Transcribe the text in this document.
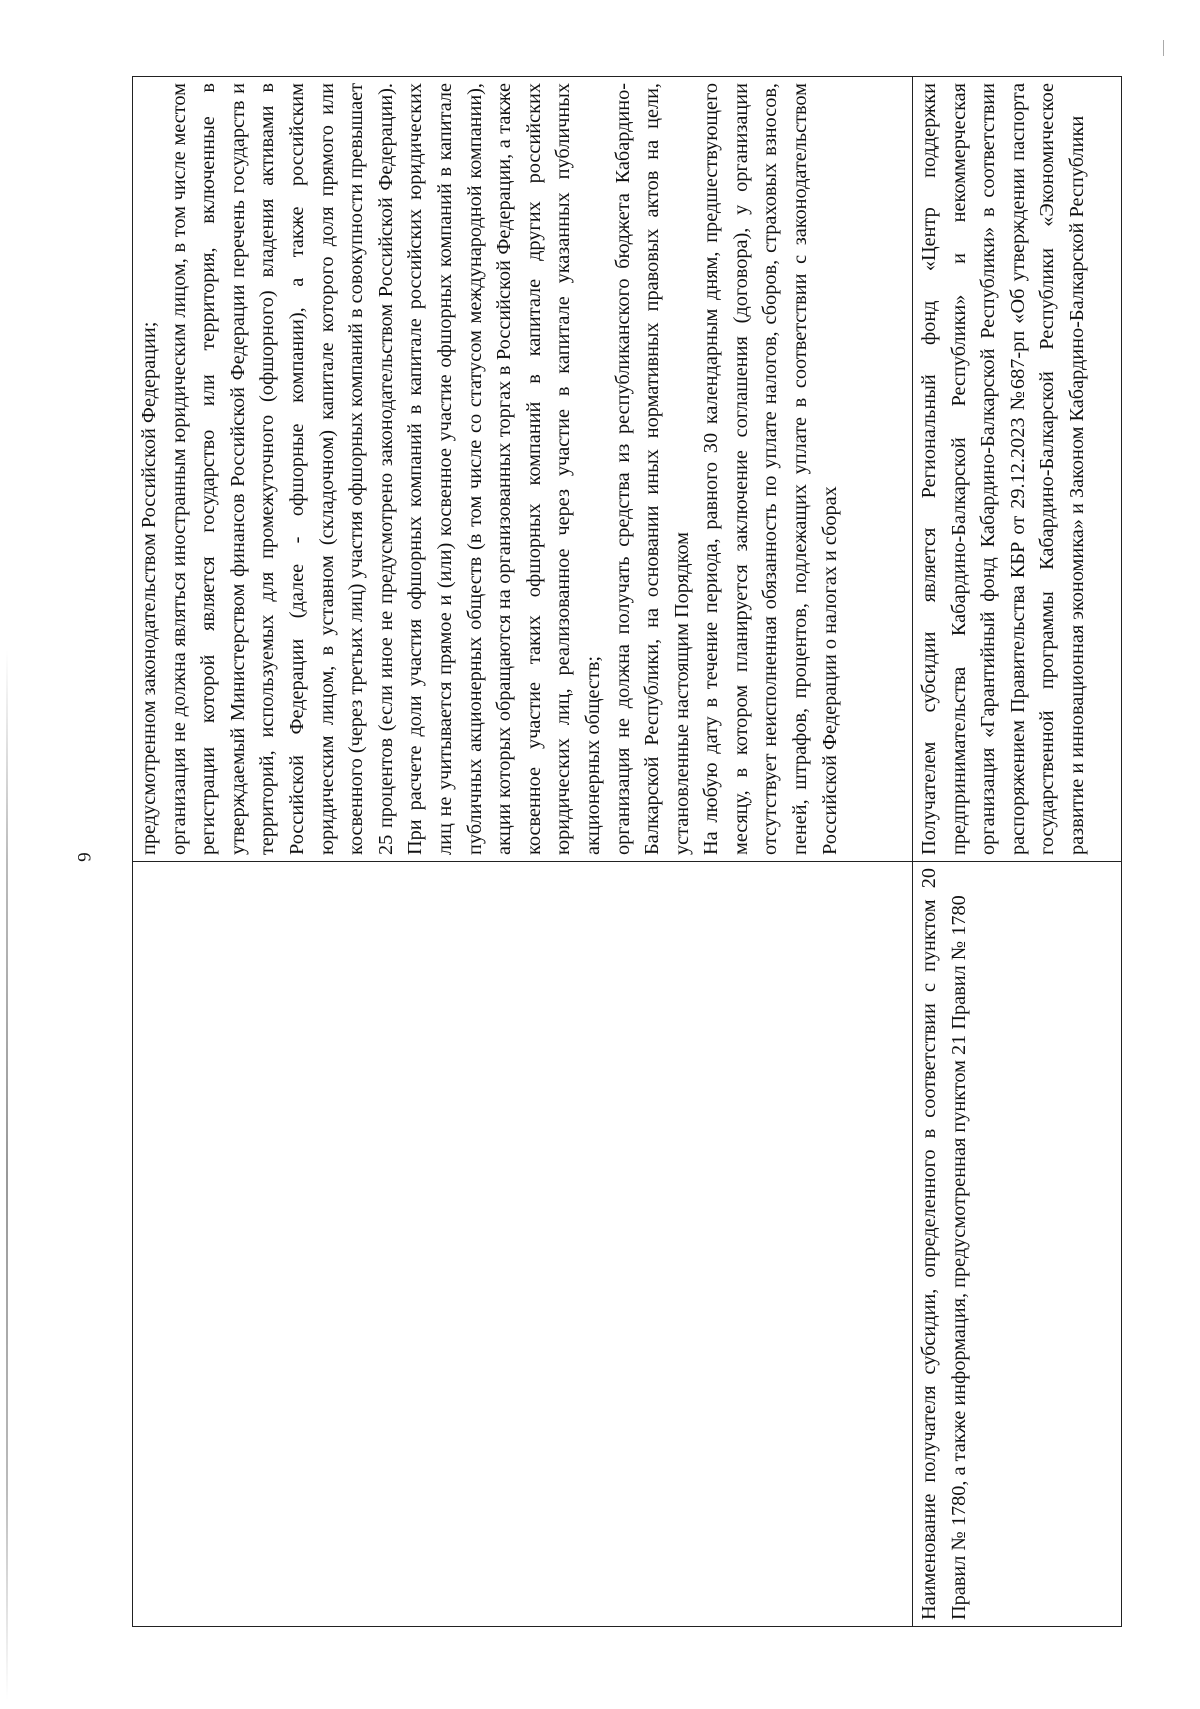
6

	предусмотренном законодательством Российской Федерации; организация не должна являться иностранным юридическим лицом, в том числе местом регистрации которой является государство или территория, включенные в утверждаемый Министерством финансов Российской Федерации перечень государств и территорий, используемых для промежуточного (офшорного) владения активами в Российской Федерации (далее - офшорные компании), а также российским юридическим лицом, в уставном (складочном) капитале которого доля прямого или косвенного (через третьих лиц) участия офшорных компаний в совокупности превышает 25 процентов (если иное не предусмотрено законодательством Российской Федерации). При расчете доли участия офшорных компаний в капитале российских юридических лиц не учитывается прямое и (или) косвенное участие офшорных компаний в капитале публичных акционерных обществ (в том числе со статусом международной компании), акции которых обращаются на организованных торгах в Российской Федерации, а также косвенное участие таких офшорных компаний в капитале других российских юридических лиц, реализованное через участие в капитале указанных публичных акционерных обществ; организация не должна получать средства из республиканского бюджета Кабардино-Балкарской Республики, на основании иных нормативных правовых актов на цели, установленные настоящим Порядком На любую дату в течение периода, равного 30 календарным дням, предшествующего месяцу, в котором планируется заключение соглашения (договора), у организации отсутствует неисполненная обязанность по уплате налогов, сборов, страховых взносов, пеней, штрафов, процентов, подлежащих уплате в соответствии с законодательством Российской Федерации о налогах и сборах

Наименование получателя субсидии, определенного в соответствии с пунктом 20 Правил № 1780, а также информация, предусмотренная пунктом 21 Правил № 1780	Получателем субсидии является Региональный фонд «Центр поддержки предпринимательства Кабардино-Балкарской Республики» и некоммерческая организация «Гарантийный фонд Кабардино-Балкарской Республики» в соответствии распоряжением Правительства КБР от 29.12.2023 №687-рп «Об утверждении паспорта государственной программы Кабардино-Балкарской Республики «Экономическое развитие и инновационная экономика» и Законом Кабардино-Балкарской Республики
